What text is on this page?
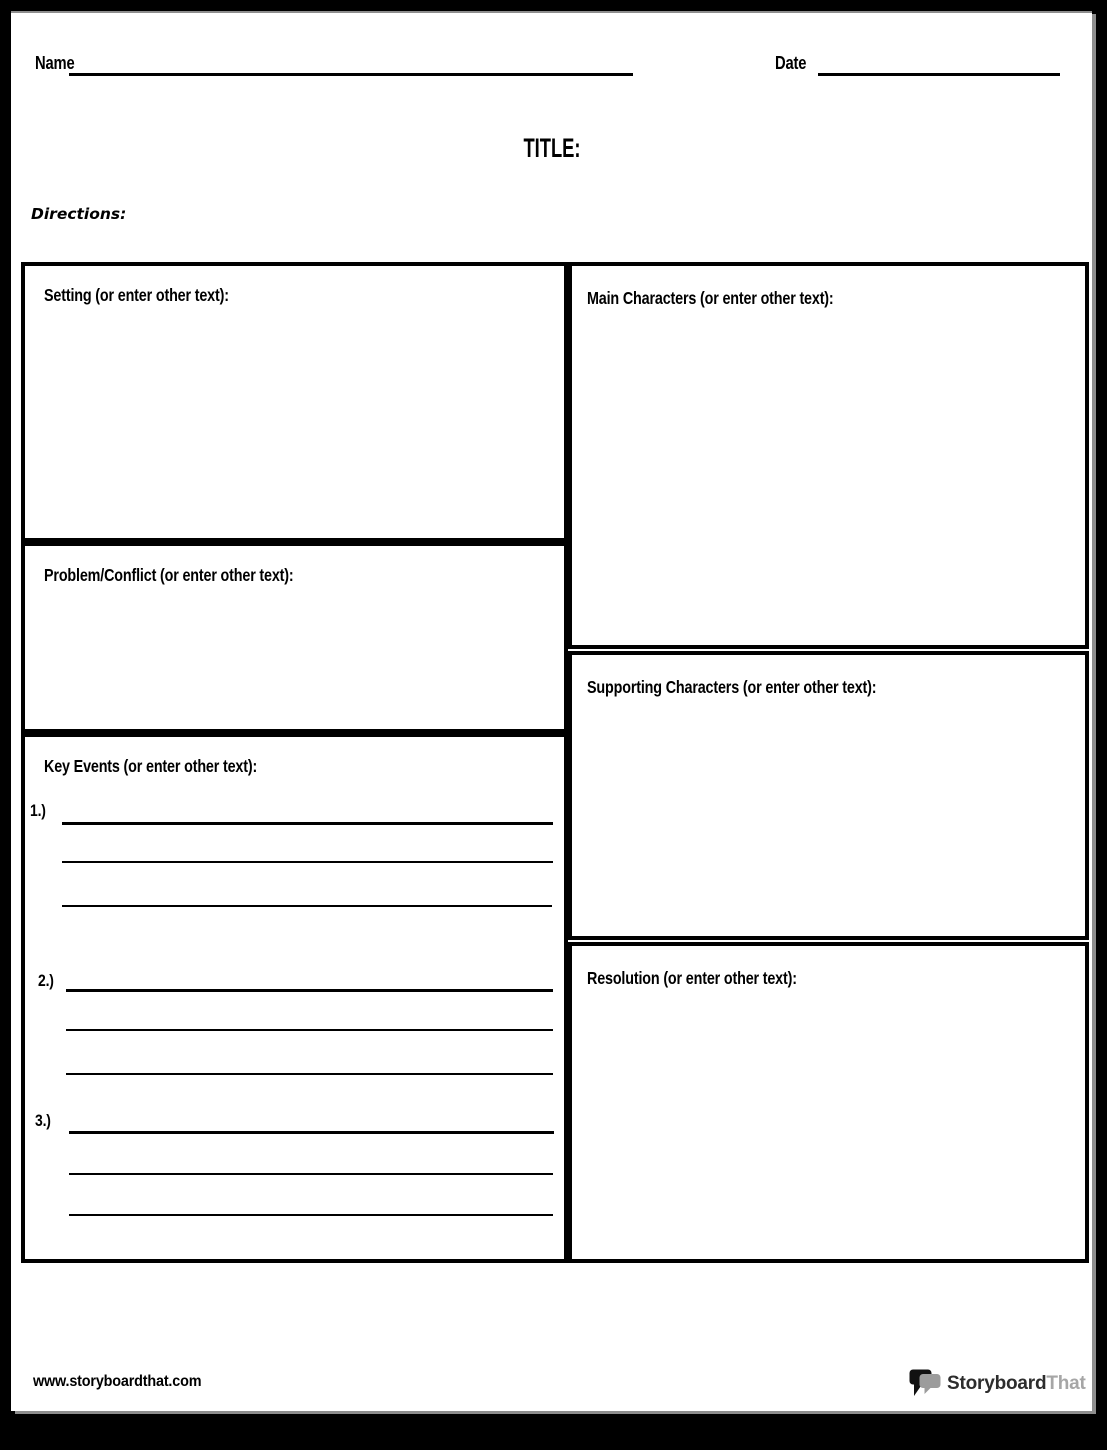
Name	Date
TITLE:
Directions:
Setting (or enter other text):
Problem/Conflict (or enter other text):
Key Events (or enter other text):
1.)
2.)
3.)
Main Characters (or enter other text):
Supporting Characters (or enter other text):
Resolution (or enter other text):
www.storyboardthat.com	StoryboardThat
